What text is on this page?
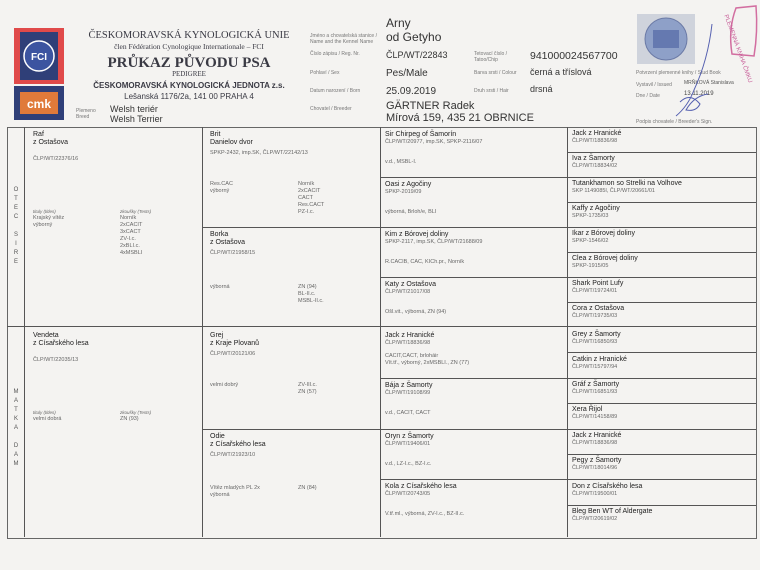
FCI
cmk
ČESKOMORAVSKÁ KYNOLOGICKÁ UNIE
člen Fédération Cynologique Internationale – FCI
PRŮKAZ PŮVODU PSA
PEDIGREE
ČESKOMORAVSKÁ KYNOLOGICKÁ JEDNOTA z.s.
Lešanská 1176/2a, 141 00 PRAHA 4
Plemeno
Breed
Welsh teriér
Welsh Terrier
Jméno a chovatelská stanice / Name and the Kennel Name
Číslo zápisu / Reg. Nr.
Pohlaví / Sex
Datum narození / Born
Chovatel / Breeder
Tetovací číslo / Tatoo/Chip
Barva srsti / Colour
Druh srsti / Hair
Potvrzení plemenné knihy / Stud Book
Vystavil / Issued
Dne / Date
Podpis chovatele / Breeder's Sign.
Arny
od Getyho
ČLP/WT/22843
Pes/Male
25.09.2019
GÄRTNER Radek
Mírová 159, 435 21 OBRNICE
941000024567700
černá a tříslová
drsná
MRŇKOVÁ Stanislava
13.11.2019
PLEMENNÁ KNIHA ČMKU
O
T
E
C

S
I
R
E
M
A
T
K
A

D
A
M
Raf
z Ostašova
ČLP/WT/22376/16
tituly (titles)
Krajský vítěz
výborný
zkoušky (Tests)
Norník
2xCACIT
3xCACT
ZV-I.c.
2xBLI.c.
4xMSBLI
Vendeta
z Císařského lesa
ČLP/WT/22035/13
tituly (titles)
velmi dobrá
zkoušky (Tests)
ZN (93)
Brit
Danielov dvor
SPKP-2432, imp.SK, ČLP/WT/22142/13
Res.CAC
výborný
Norník
2xCACIT
CACT
Res.CACT
PZ-I.c.
Borka
z Ostašova
ČLP/WT/21958/15
výborná	ZN (94)
BL-II.c.
MSBL-II.c.
Grej
z Kraje Plovanů
ČLP/WT/20121/06
velmi dobrý	ZV-III.c.
ZN (57)
Odie
z Císařského lesa
ČLP/WT/21923/10
Vítěz mladých PL 2x
výborná
ZN (84)
Sir Chirpeg of Šamorín
ČLP/WT/20977, imp.SK, SPKP-2116/07
v.d., MSBL-I.
Oasi z Agočiny
SPKP-2019/09
výborná, Brloh/e, BLI
Kim z Bórovej doliny
SPKP-2117, imp.SK, ČLP/WT/21688/09
R.CACIB, CAC, KICh.pr., Norník
Katy z Ostašova
ČLP/WT/21017/08
Ošl.vit., výborná, ZN (94)
Jack z Hranické
ČLP/WT/18836/98
CACIT,CACT, brloháir
Vít.tř., výborný, 2xMSBLI., ZN (77)
Bája z Šamorty
ČLP/WT/19108/99
v.d., CACIT, CACT
Oryn z Šamorty
ČLP/WT/19406/01
v.d., LZ-I.c., BZ-I.c.
Kola z Císařského lesa
ČLP/WT/20743/05
V.tř.ml., výborná, ZV-I.c., BZ-II.c.
Jack z Hranické
ČLP/WT/18836/98
Iva z Šamorty
ČLP/WT/18834/02
Tutankhamon so Strelki na Volhove
SKP 1149085l, ČLP/WT/20661/01
Kaffy z Agočiny
SPKP-1735/03
Ikar z Bórovej doliny
SPKP-1546/02
Clea z Bórovej doliny
SPKP-1915/05
Shark Point Lufy
ČLP/WT/19724/01
Cora z Ostašova
ČLP/WT/19735/03
Grey z Šamorty
ČLP/WT/16850/93
Catkin z Hranické
ČLP/WT/15797/94
Gráf z Šamorty
ČLP/WT/16851/93
Xera Řijol
ČLP/WT/14158/89
Jack z Hranické
ČLP/WT/18836/98
Pegy z Šamorty
ČLP/WT/18014/96
Don z Císařského lesa
ČLP/WT/19500/01
Bleg Ben WT of Aldergate
ČLP/WT/20619/02
